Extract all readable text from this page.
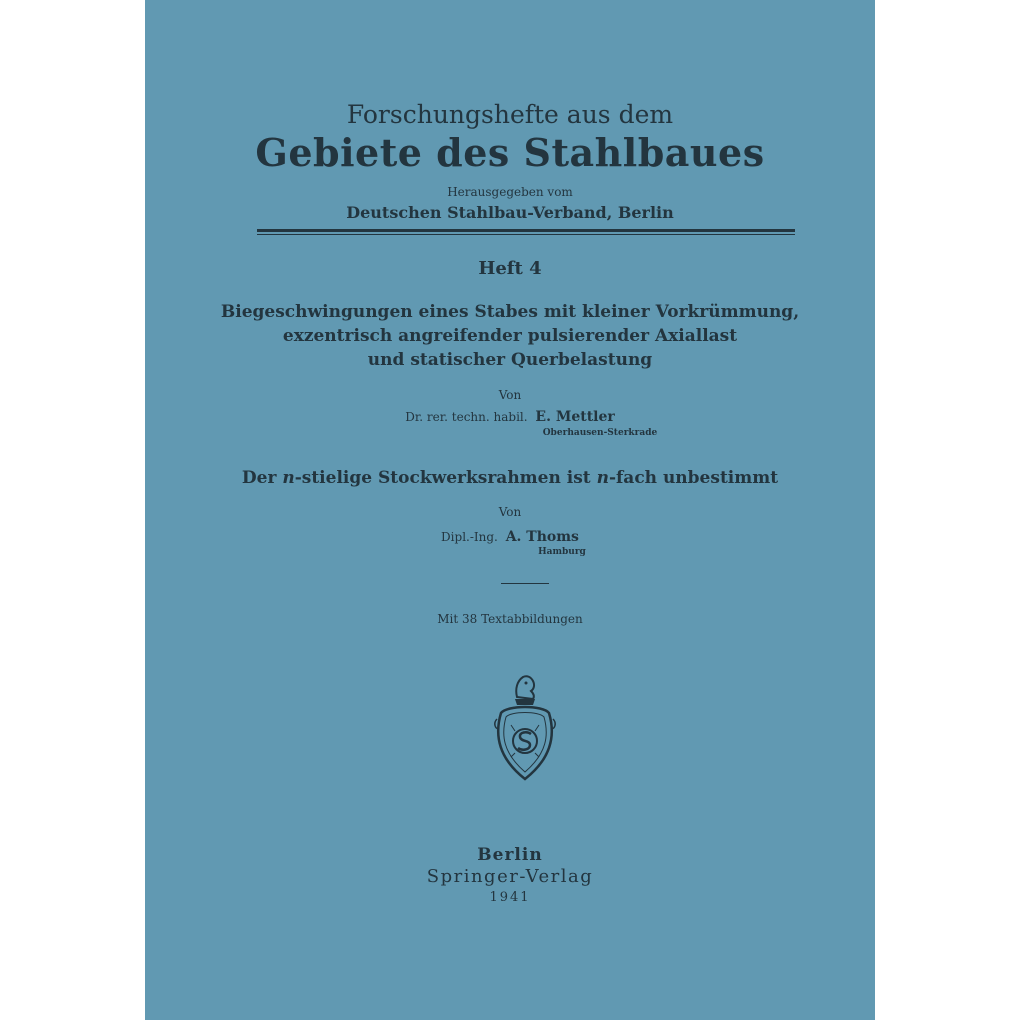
Forschungshefte aus dem
Gebiete des Stahlbaues
Herausgegeben vom
Deutschen Stahlbau-Verband, Berlin
Heft 4
Biegeschwingungen eines Stabes mit kleiner Vorkrümmung,
exzentrisch angreifender pulsierender Axiallast
und statischer Querbelastung
Von
Dr. rer. techn. habil. E. Mettler
Oberhausen-Sterkrade
Der n-stielige Stockwerksrahmen ist n-fach unbestimmt
Von
Dipl.-Ing. A. Thoms
Hamburg
Mit 38 Textabbildungen
Berlin
Springer-Verlag
1941
